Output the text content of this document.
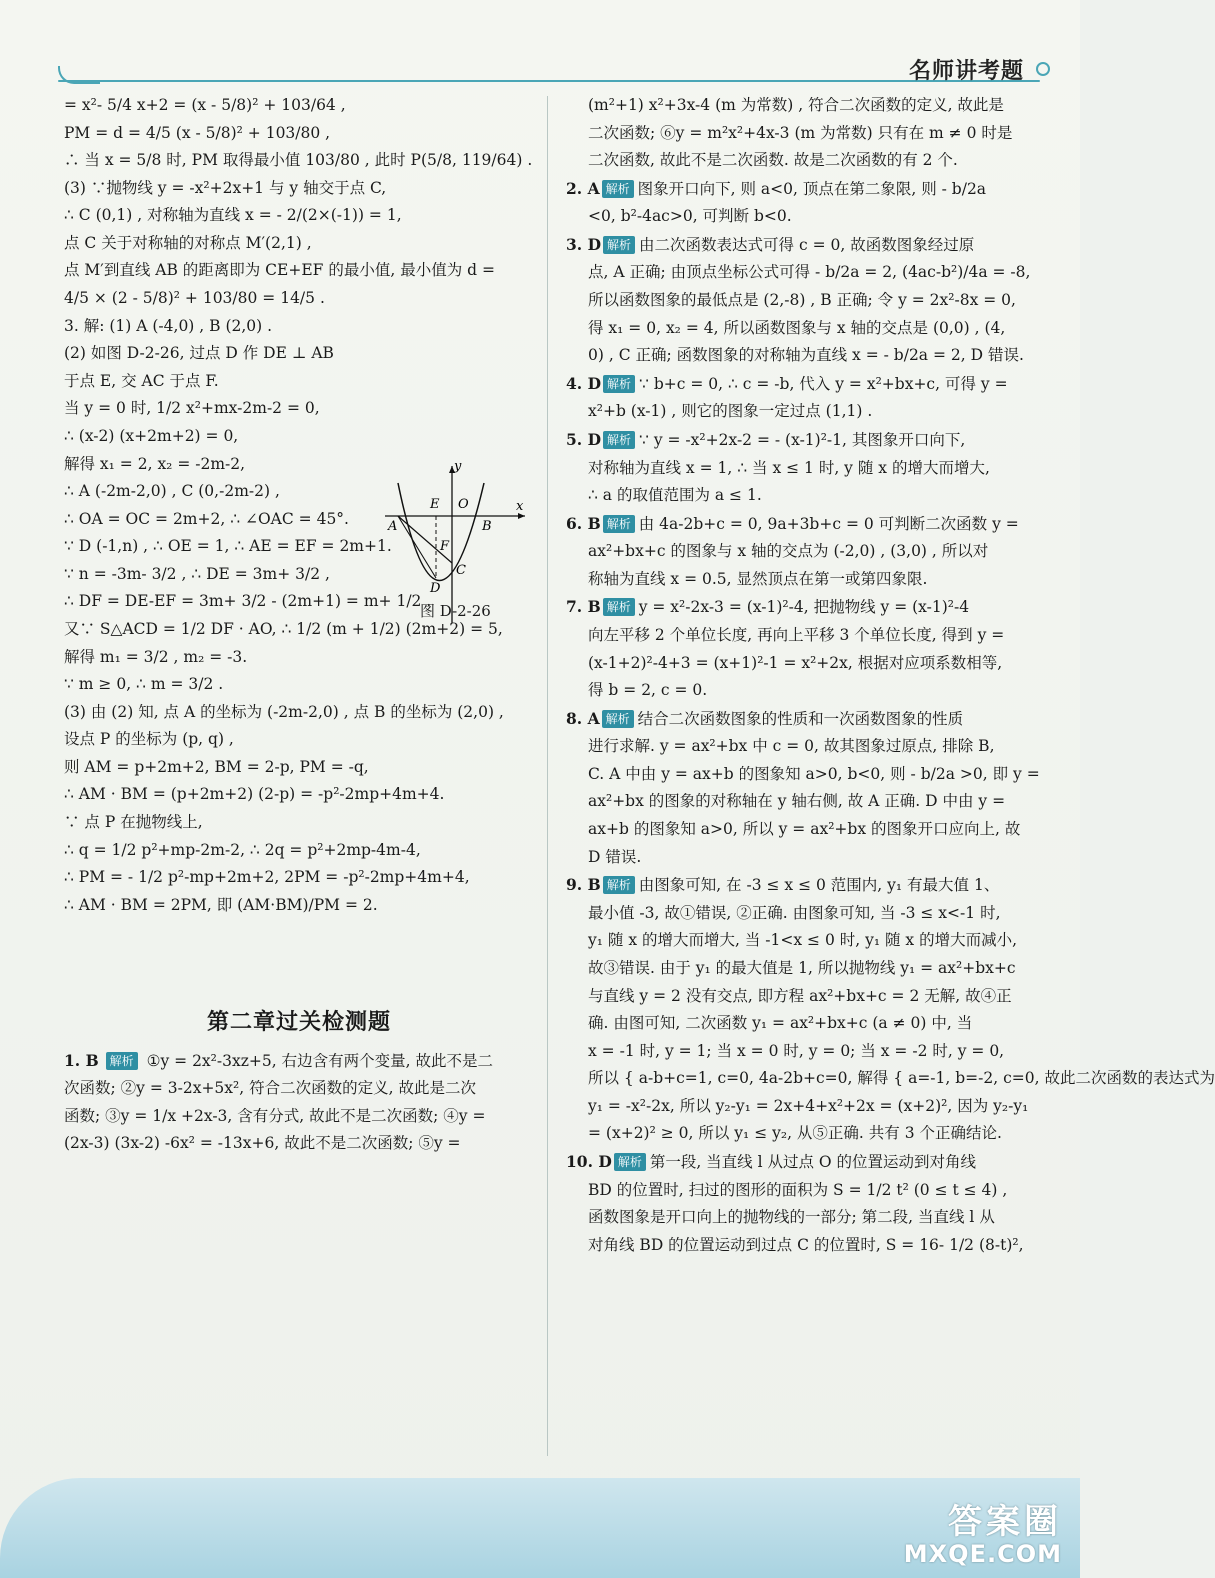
名师讲考题
= x²- 5/4 x+2 = (x - 5/8)² + 103/64 ,
PM = d = 4/5 (x - 5/8)² + 103/80 ,
∴ 当 x = 5/8 时, PM 取得最小值 103/80 , 此时 P(5/8, 119/64) .
(3) ∵抛物线 y = -x²+2x+1 与 y 轴交于点 C,
∴ C (0,1) , 对称轴为直线 x = - 2/(2×(-1)) = 1,
点 C 关于对称轴的对称点 M′(2,1) ,
点 M′到直线 AB 的距离即为 CE+EF 的最小值, 最小值为 d =
4/5 × (2 - 5/8)² + 103/80 = 14/5 .
3. 解: (1) A (-4,0) , B (2,0) .
(2) 如图 D-2-26, 过点 D 作 DE ⊥ AB
于点 E, 交 AC 于点 F.
当 y = 0 时, 1/2 x²+mx-2m-2 = 0,
∴ (x-2) (x+2m+2) = 0,
解得 x₁ = 2, x₂ = -2m-2,
∴ A (-2m-2,0) , C (0,-2m-2) ,
∴ OA = OC = 2m+2, ∴ ∠OAC = 45°.
∵ D (-1,n) , ∴ OE = 1, ∴ AE = EF = 2m+1.
∵ n = -3m- 3/2 , ∴ DE = 3m+ 3/2 ,
∴ DF = DE-EF = 3m+ 3/2 - (2m+1) = m+ 1/2 .
又∵ S△ACD = 1/2 DF · AO, ∴ 1/2 (m + 1/2) (2m+2) = 5,
解得 m₁ = 3/2 , m₂ = -3.
∵ m ≥ 0, ∴ m = 3/2 .
(3) 由 (2) 知, 点 A 的坐标为 (-2m-2,0) , 点 B 的坐标为 (2,0) ,
设点 P 的坐标为 (p, q) ,
则 AM = p+2m+2, BM = 2-p, PM = -q,
∴ AM · BM = (p+2m+2) (2-p) = -p²-2mp+4m+4.
∵ 点 P 在抛物线上,
∴ q = 1/2 p²+mp-2m-2, ∴ 2q = p²+2mp-4m-4,
∴ PM = - 1/2 p²-mp+2m+2, 2PM = -p²-2mp+4m+4,
∴ AM · BM = 2PM, 即 (AM·BM)/PM = 2.
第二章过关检测题
1. B 解析 ①y = 2x²-3xz+5, 右边含有两个变量, 故此不是二
次函数; ②y = 3-2x+5x², 符合二次函数的定义, 故此是二次
函数; ③y = 1/x +2x-3, 含有分式, 故此不是二次函数; ④y =
(2x-3) (3x-2) -6x² = -13x+6, 故此不是二次函数; ⑤y =
y
x
A
E O
B
F
C
D
图 D-2-26
(m²+1) x²+3x-4 (m 为常数) , 符合二次函数的定义, 故此是
二次函数; ⑥y = m²x²+4x-3 (m 为常数) 只有在 m ≠ 0 时是
二次函数, 故此不是二次函数. 故是二次函数的有 2 个.
2. A 解析 图象开口向下, 则 a<0, 顶点在第二象限, 则 - b/2a
<0, b²-4ac>0, 可判断 b<0.
3. D 解析 由二次函数表达式可得 c = 0, 故函数图象经过原
点, A 正确; 由顶点坐标公式可得 - b/2a = 2, (4ac-b²)/4a = -8,
所以函数图象的最低点是 (2,-8) , B 正确; 令 y = 2x²-8x = 0,
得 x₁ = 0, x₂ = 4, 所以函数图象与 x 轴的交点是 (0,0) , (4,
0) , C 正确; 函数图象的对称轴为直线 x = - b/2a = 2, D 错误.
4. D 解析 ∵ b+c = 0, ∴ c = -b, 代入 y = x²+bx+c, 可得 y =
x²+b (x-1) , 则它的图象一定过点 (1,1) .
5. D 解析 ∵ y = -x²+2x-2 = - (x-1)²-1, 其图象开口向下,
对称轴为直线 x = 1, ∴ 当 x ≤ 1 时, y 随 x 的增大而增大,
∴ a 的取值范围为 a ≤ 1.
6. B 解析 由 4a-2b+c = 0, 9a+3b+c = 0 可判断二次函数 y =
ax²+bx+c 的图象与 x 轴的交点为 (-2,0) , (3,0) , 所以对
称轴为直线 x = 0.5, 显然顶点在第一或第四象限.
7. B 解析 y = x²-2x-3 = (x-1)²-4, 把抛物线 y = (x-1)²-4
向左平移 2 个单位长度, 再向上平移 3 个单位长度, 得到 y =
(x-1+2)²-4+3 = (x+1)²-1 = x²+2x, 根据对应项系数相等,
得 b = 2, c = 0.
8. A 解析 结合二次函数图象的性质和一次函数图象的性质
进行求解. y = ax²+bx 中 c = 0, 故其图象过原点, 排除 B,
C. A 中由 y = ax+b 的图象知 a>0, b<0, 则 - b/2a >0, 即 y =
ax²+bx 的图象的对称轴在 y 轴右侧, 故 A 正确. D 中由 y =
ax+b 的图象知 a>0, 所以 y = ax²+bx 的图象开口应向上, 故
D 错误.
9. B 解析 由图象可知, 在 -3 ≤ x ≤ 0 范围内, y₁ 有最大值 1、
最小值 -3, 故①错误, ②正确. 由图象可知, 当 -3 ≤ x<-1 时,
y₁ 随 x 的增大而增大, 当 -1<x ≤ 0 时, y₁ 随 x 的增大而减小,
故③错误. 由于 y₁ 的最大值是 1, 所以抛物线 y₁ = ax²+bx+c
与直线 y = 2 没有交点, 即方程 ax²+bx+c = 2 无解, 故④正
确. 由图可知, 二次函数 y₁ = ax²+bx+c (a ≠ 0) 中, 当
x = -1 时, y = 1; 当 x = 0 时, y = 0; 当 x = -2 时, y = 0,
所以 { a-b+c=1, c=0, 4a-2b+c=0, 解得 { a=-1, b=-2, c=0, 故此二次函数的表达式为
y₁ = -x²-2x, 所以 y₂-y₁ = 2x+4+x²+2x = (x+2)², 因为 y₂-y₁
= (x+2)² ≥ 0, 所以 y₁ ≤ y₂, 从⑤正确. 共有 3 个正确结论.
10. D 解析 第一段, 当直线 l 从过点 O 的位置运动到对角线
BD 的位置时, 扫过的图形的面积为 S = 1/2 t² (0 ≤ t ≤ 4) ,
函数图象是开口向上的抛物线的一部分; 第二段, 当直线 l 从
对角线 BD 的位置运动到过点 C 的位置时, S = 16- 1/2 (8-t)²,
答案圈
MXQE.COM
